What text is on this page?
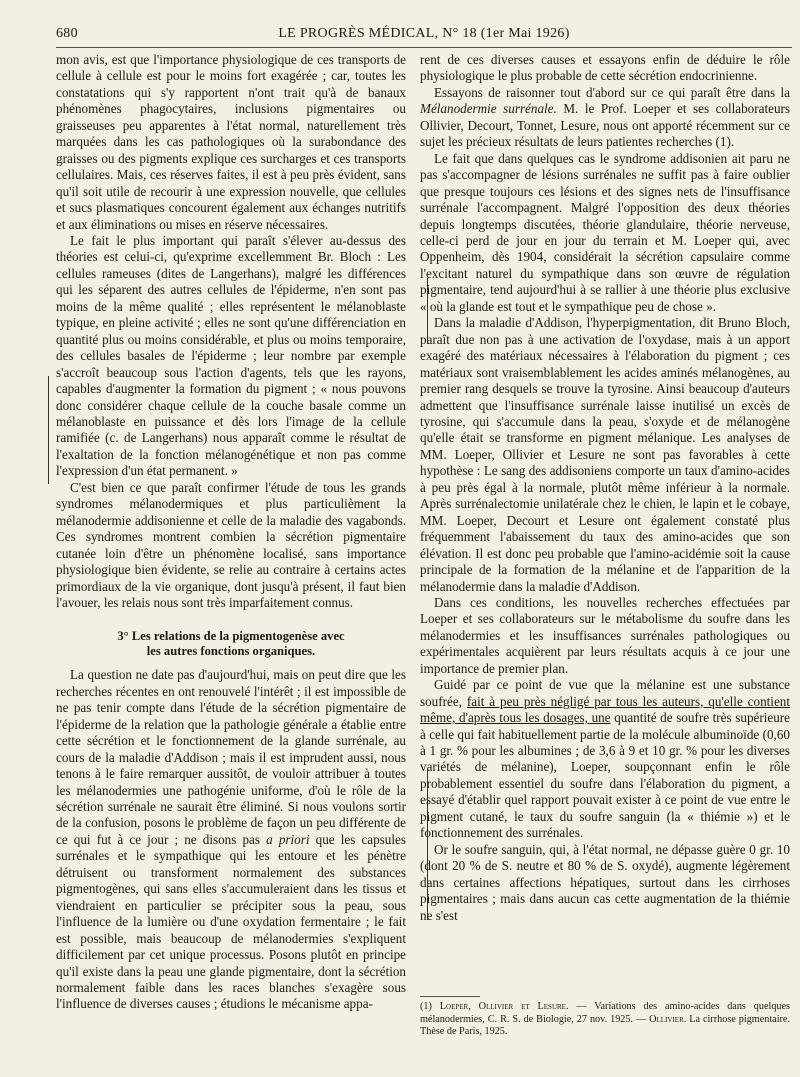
680	LE PROGRÈS MÉDICAL, N° 18 (1er Mai 1926)

mon avis, est que l'importance physiologique de ces transports de cellule à cellule est pour le moins fort exagérée ; car, toutes les constatations qui s'y rapportent n'ont trait qu'à de banaux phénomènes phagocytaires, inclusions pigmentaires ou graisseuses peu apparentes à l'état normal, naturellement très marquées dans les cas pathologiques où la surabondance des graisses ou des pigments explique ces surcharges et ces transports cellulaires. Mais, ces réserves faites, il est à peu près évident, sans qu'il soit utile de recourir à une expression nouvelle, que cellules et sucs plasmatiques concourent également aux échanges nutritifs et aux éliminations ou mises en réserve nécessaires.

Le fait le plus important qui paraît s'élever au-dessus des théories est celui-ci, qu'exprime excellemment Br. Bloch : Les cellules rameuses (dites de Langerhans), malgré les différences qui les séparent des autres cellules de l'épiderme, n'en sont pas moins de la même qualité ; elles représentent le mélanoblaste typique, en pleine activité ; elles ne sont qu'une différenciation en quantité plus ou moins considérable, et plus ou moins temporaire, des cellules basales de l'épiderme ; leur nombre par exemple s'accroît beaucoup sous l'action d'agents, tels que les rayons, capables d'augmenter la formation du pigment ; « nous pouvons donc considérer chaque cellule de la couche basale comme un mélanoblaste en puissance et dès lors l'image de la cellule ramifiée (c. de Langerhans) nous apparaît comme le résultat de l'exaltation de la fonction mélanogénétique et non pas comme l'expression d'un état permanent. »

C'est bien ce que paraît confirmer l'étude de tous les grands syndromes mélanodermiques et plus particulièment la mélanodermie addisonienne et celle de la maladie des vagabonds. Ces syndromes montrent combien la sécrétion pigmentaire cutanée loin d'être un phénomène localisé, sans importance physiologique bien évidente, se relie au contraire à certains actes primordiaux de la vie organique, dont jusqu'à présent, il faut bien l'avouer, les relais nous sont très imparfaitement connus.

3° Les relations de la pigmentogenèse avec
les autres fonctions organiques.

La question ne date pas d'aujourd'hui, mais on peut dire que les recherches récentes en ont renouvelé l'intérêt ; il est impossible de ne pas tenir compte dans l'étude de la sécrétion pigmentaire de l'épiderme de la relation que la pathologie générale a établie entre cette sécrétion et le fonctionnement de la glande surrénale, au cours de la maladie d'Addison ; mais il est imprudent aussi, nous tenons à le faire remarquer aussitôt, de vouloir attribuer à toutes les mélanodermies une pathogénie uniforme, d'où le rôle de la sécrétion surrénale ne saurait être éliminé. Si nous voulons sortir de la confusion, posons le problème de façon un peu différente de ce qui fut à ce jour ; ne disons pas a priori que les capsules surrénales et le sympathique qui les entoure et les pénètre détruisent ou transforment normalement des substances pigmentogènes, qui sans elles s'accumuleraient dans les tissus et viendraient en particulier se précipiter sous la peau, sous l'influence de la lumière ou d'une oxydation fermentaire ; le fait est possible, mais beaucoup de mélanodermies s'expliquent difficilement par cet unique processus. Posons plutôt en principe qu'il existe dans la peau une glande pigmentaire, dont la sécrétion normalement faible dans les races blanches s'exagère sous l'influence de diverses causes ; étudions le mécanisme appa-

rent de ces diverses causes et essayons enfin de déduire le rôle physiologique le plus probable de cette sécrétion endocrinienne.

Essayons de raisonner tout d'abord sur ce qui paraît être dans la Mélanodermie surrénale. M. le Prof. Loeper et ses collaborateurs Ollivier, Decourt, Tonnet, Lesure, nous ont apporté récemment sur ce sujet les précieux résultats de leurs patientes recherches (1).

Le fait que dans quelques cas le syndrome addisonien ait paru ne pas s'accompagner de lésions surrénales ne suffit pas à faire oublier que presque toujours ces lésions et des signes nets de l'insuffisance surrénale l'accompagnent. Malgré l'opposition des deux théories depuis longtemps discutées, théorie glandulaire, théorie nerveuse, celle-ci perd de jour en jour du terrain et M. Loeper qui, avec Oppenheim, dès 1904, considérait la sécrétion capsulaire comme l'excitant naturel du sympathique dans son œuvre de régulation pigmentaire, tend aujourd'hui à se rallier à une théorie plus exclusive « où la glande est tout et le sympathique peu de chose ».

Dans la maladie d'Addison, l'hyperpigmentation, dit Bruno Bloch, paraît due non pas à une activation de l'oxydase, mais à un apport exagéré des matériaux nécessaires à l'élaboration du pigment ; ces matériaux sont vraisemblablement les acides aminés mélanogènes, au premier rang desquels se trouve la tyrosine. Ainsi beaucoup d'auteurs admettent que l'insuffisance surrénale laisse inutilisé un excès de tyrosine, qui s'accumule dans la peau, s'oxyde et de mélanogène qu'elle était se transforme en pigment mélanique. Les analyses de MM. Loeper, Ollivier et Lesure ne sont pas favorables à cette hypothèse : Le sang des addisoniens comporte un taux d'amino-acides à peu près égal à la normale, plutôt même inférieur à la normale. Après surrénalectomie unilatérale chez le chien, le lapin et le cobaye, MM. Loeper, Decourt et Lesure ont également constaté plus fréquemment l'abaissement du taux des amino-acides que son élévation. Il est donc peu probable que l'amino-acidémie soit la cause principale de la formation de la mélanine et de l'apparition de la mélanodermie dans la maladie d'Addison.

Dans ces conditions, les nouvelles recherches effectuées par Loeper et ses collaborateurs sur le métabolisme du soufre dans les mélanodermies et les insuffisances surrénales pathologiques ou expérimentales acquièrent par leurs résultats acquis à ce jour une importance de premier plan.

Guidé par ce point de vue que la mélanine est une substance soufrée, fait à peu près négligé par tous les auteurs, qu'elle contient même, d'après tous les dosages, une quantité de soufre très supérieure à celle qui fait habituellement partie de la molécule albuminoïde (0,60 à 1 gr. % pour les albumines ; de 3,6 à 9 et 10 gr. % pour les diverses variétés de mélanine), Loeper, soupçonnant enfin le rôle probablement essentiel du soufre dans l'élaboration du pigment, a essayé d'établir quel rapport pouvait exister à ce point de vue entre le pigment cutané, le taux du soufre sanguin (la « thiémie ») et le fonctionnement des surrénales.

Or le soufre sanguin, qui, à l'état normal, ne dépasse guère 0 gr. 10 (dont 20 % de S. neutre et 80 % de S. oxydé), augmente légèrement dans certaines affections hépatiques, surtout dans les cirrhoses pigmentaires ; mais dans aucun cas cette augmentation de la thiémie ne s'est

(1) Loeper, Ollivier et Lesure. — Variations des amino-acides dans quelques mélanodermies, C. R. S. de Biologie, 27 nov. 1925. — Ollivier. La cirrhose pigmentaire. Thèse de Paris, 1925.
